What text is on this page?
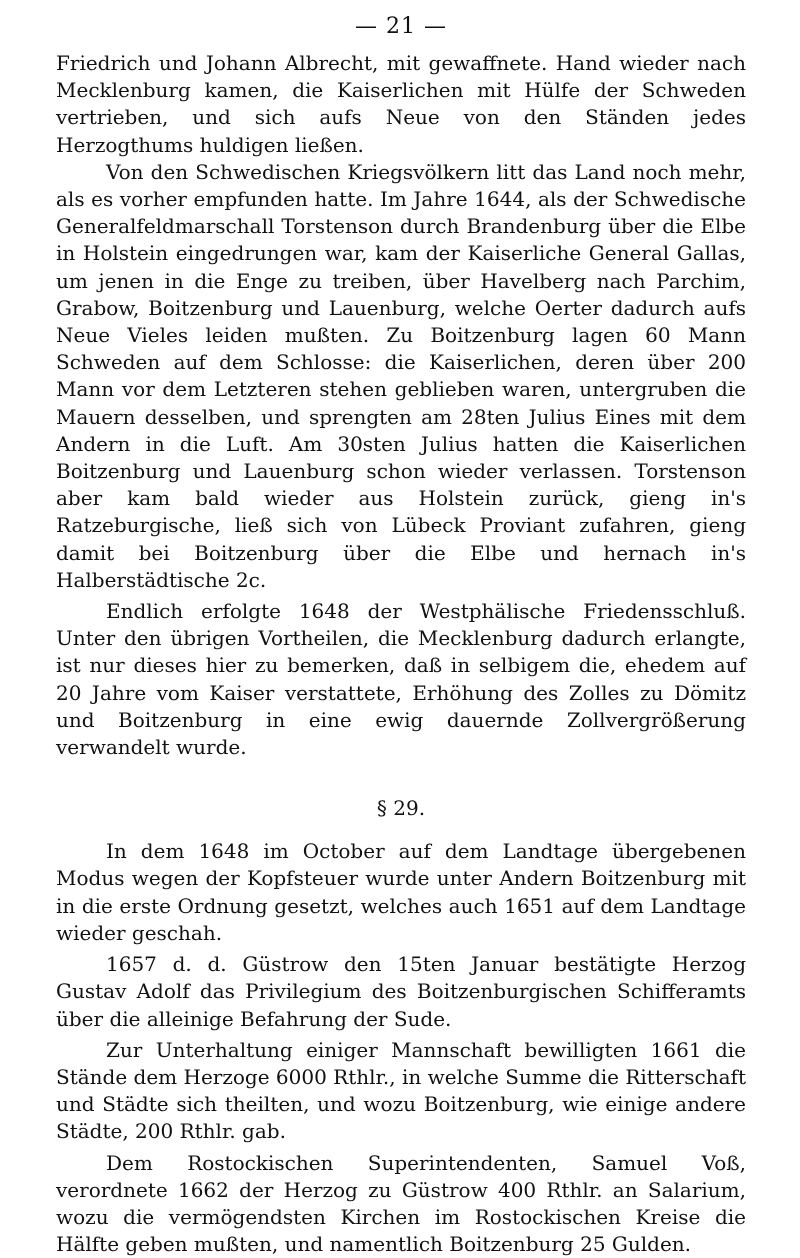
— 21 —

Friedrich und Johann Albrecht, mit gewaffnete. Hand wieder nach Mecklenburg kamen, die Kaiserlichen mit Hülfe der Schweden vertrieben, und sich aufs Neue von den Ständen jedes Herzogthums huldigen ließen.

Von den Schwedischen Kriegsvölkern litt das Land noch mehr, als es vorher empfunden hatte. Im Jahre 1644, als der Schwedische Generalfeldmarschall Torstenson durch Brandenburg über die Elbe in Holstein eingedrungen war, kam der Kaiserliche General Gallas, um jenen in die Enge zu treiben, über Havelberg nach Parchim, Grabow, Boitzenburg und Lauenburg, welche Oerter dadurch aufs Neue Vieles leiden mußten. Zu Boitzenburg lagen 60 Mann Schweden auf dem Schlosse: die Kaiserlichen, deren über 200 Mann vor dem Letzteren stehen geblieben waren, untergruben die Mauern desselben, und sprengten am 28ten Julius Eines mit dem Andern in die Luft. Am 30sten Julius hatten die Kaiserlichen Boitzenburg und Lauenburg schon wieder verlassen. Torstenson aber kam bald wieder aus Holstein zurück, gieng in's Ratzeburgische, ließ sich von Lübeck Proviant zufahren, gieng damit bei Boitzenburg über die Elbe und hernach in's Halberstädtische 2c.

Endlich erfolgte 1648 der Westphälische Friedensschluß. Unter den übrigen Vortheilen, die Mecklenburg dadurch erlangte, ist nur dieses hier zu bemerken, daß in selbigem die, ehedem auf 20 Jahre vom Kaiser verstattete, Erhöhung des Zolles zu Dömitz und Boitzenburg in eine ewig dauernde Zollvergrößerung verwandelt wurde.

§ 29.

In dem 1648 im October auf dem Landtage übergebenen Modus wegen der Kopfsteuer wurde unter Andern Boitzenburg mit in die erste Ordnung gesetzt, welches auch 1651 auf dem Landtage wieder geschah.

1657 d. d. Güstrow den 15ten Januar bestätigte Herzog Gustav Adolf das Privilegium des Boitzenburgischen Schifferamts über die alleinige Befahrung der Sude.

Zur Unterhaltung einiger Mannschaft bewilligten 1661 die Stände dem Herzoge 6000 Rthlr., in welche Summe die Ritterschaft und Städte sich theilten, und wozu Boitzenburg, wie einige andere Städte, 200 Rthlr. gab.

Dem Rostockischen Superintendenten, Samuel Voß, verordnete 1662 der Herzog zu Güstrow 400 Rthlr. an Salarium, wozu die vermögendsten Kirchen im Rostockischen Kreise die Hälfte geben mußten, und namentlich Boitzenburg 25 Gulden.
